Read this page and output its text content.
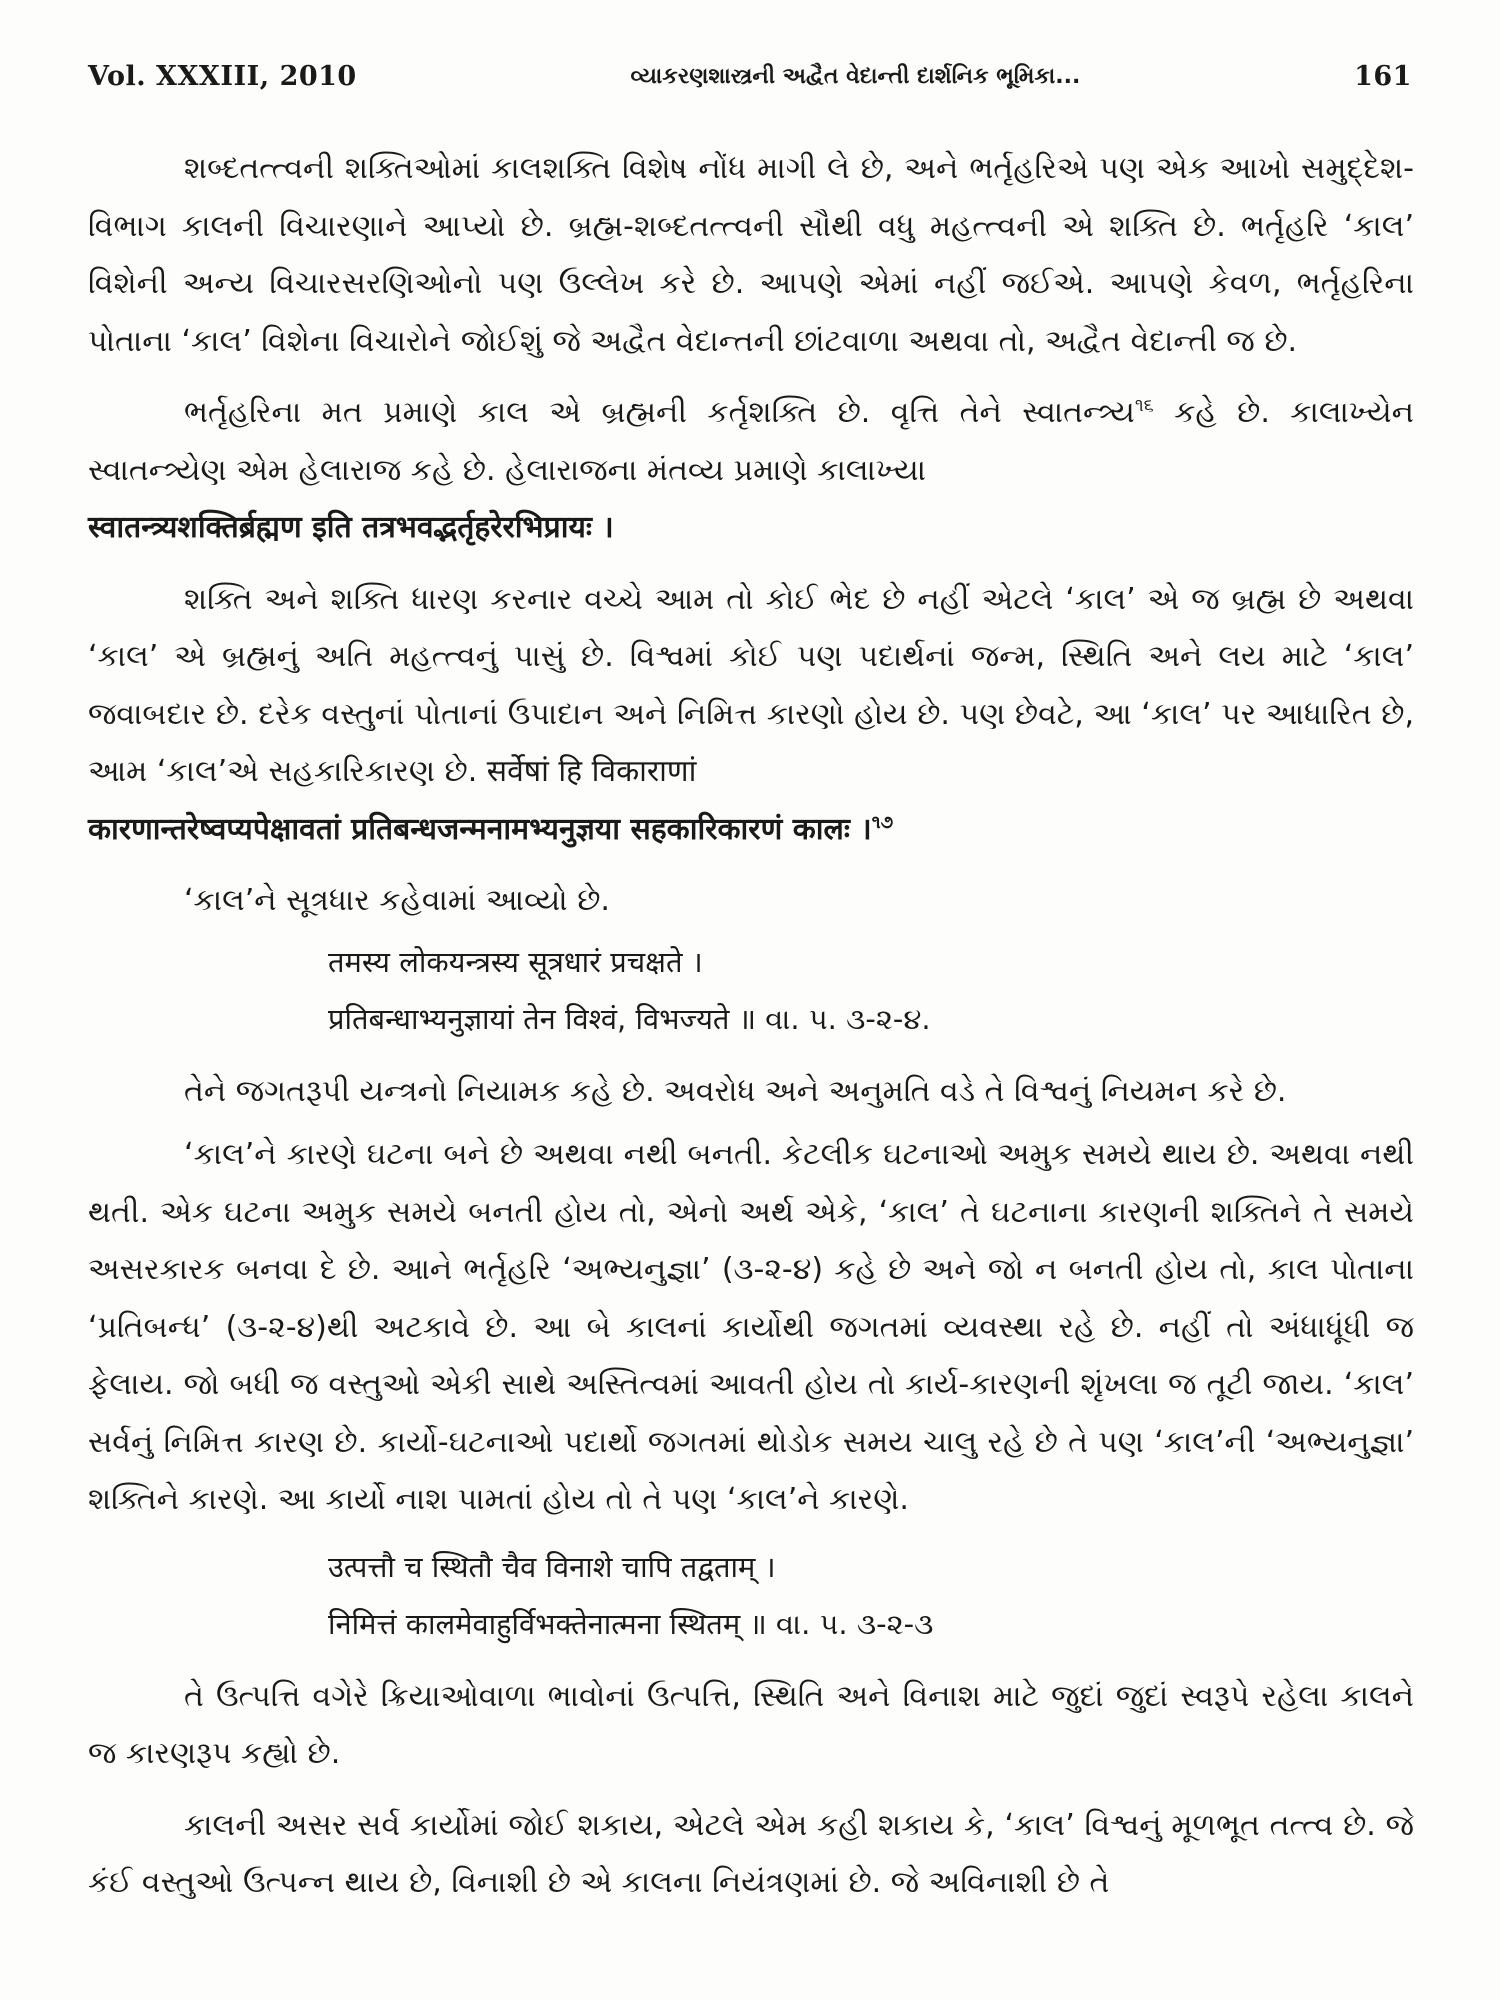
Vol. XXXIII, 2010	વ્યાકરણશાસ્ત્રની અદ્વૈત વેદાન્તી દાર્શનિક ભૂમિકા...	161

શબ્દતત્ત્વની શક્તિઓમાં કાલશક્તિ વિશેષ નોંધ માગી લે છે, અને ભર્તૃહરિએ પણ એક આખો સમુદ્દેશ-વિભાગ કાલની વિચારણાને આપ્યો છે. બ્રહ્મ-શબ્દતત્ત્વની સૌથી વધુ મહત્ત્વની એ શક્તિ છે. ભર્તૃહરિ ‘કાલ’ વિશેની અન્ય વિચારસરણિઓનો પણ ઉલ્લેખ કરે છે. આપણે એમાં નહીં જઈએ. આપણે કેવળ, ભર્તૃહરિના પોતાના ‘કાલ’ વિશેના વિચારોને જોઈશું જે અદ્વૈત વેદાન્તની છાંટવાળા અથવા તો, અદ્વૈત વેદાન્તી જ છે.

ભર્તૃહરિના મત પ્રમાણે કાલ એ બ્રહ્મની કર્તૃશક્તિ છે. વૃત્તિ તેને સ્વાતન્ત્ર્ય$^{૧૬}$ કહે છે. કાલાખ્યેન સ્વાતન્ત્ર્યેણ એમ હેલારાજ કહે છે. હેલારાજના મંતવ્ય પ્રમાણે કાલાખ્યા

स्वातन्त्र्यशक्तिर्ब्रह्मण इति तत्रभवद्भर्तृहरेरभिप्रायः ।

શક્તિ અને શક્તિ ધારણ કરનાર વચ્ચે આમ તો કોઈ ભેદ છે નહીં એટલે ‘કાલ’ એ જ બ્રહ્મ છે અથવા ‘કાલ’ એ બ્રહ્મનું અતિ મહત્ત્વનું પાસું છે. વિશ્વમાં કોઈ પણ પદાર્થનાં જન્મ, સ્થિતિ અને લય માટે ‘કાલ’ જવાબદાર છે. દરેક વસ્તુનાં પોતાનાં ઉપાદાન અને નિમિત્ત કારણો હોય છે. પણ છેવટે, આ ‘કાલ’ પર આધારિત છે, આમ ‘કાલ’એ સહકારિકારણ છે. सर्वेषां हि विकाराणां

कारणान्तरेष्वप्यपेक्षावतां प्रतिबन्धजन्मनामभ्यनुज्ञया सहकारिकारणं कालः ।$^{૧૭}$

‘કાલ’ને સૂત્રધાર કહેવામાં આવ્યો છે.

तमस्य लोकयन्त्रस्य सूत्रधारं प्रचक्षते ।

प्रतिबन्धाभ्यनुज्ञायां तेन विश्वं, विभज्यते ॥ વા. પ. ૩-૨-૪.

તેને જગતરૂપી યન્ત્રનો નિયામક કહે છે. અવરોધ અને અનુમતિ વડે તે વિશ્વનું નિયમન કરે છે.

‘કાલ’ને કારણે ઘટના બને છે અથવા નથી બનતી. કેટલીક ઘટનાઓ અમુક સમયે થાય છે. અથવા નથી થતી. એક ઘટના અમુક સમયે બનતી હોય તો, એનો અર્થ એકે, ‘કાલ’ તે ઘટનાના કારણની શક્તિને તે સમયે અસરકારક બનવા દે છે. આને ભર્તૃહરિ ‘અભ્યનુજ્ઞા’ (૩-૨-૪) કહે છે અને જો ન બનતી હોય તો, કાલ પોતાના ‘પ્રતિબન્ધ’ (૩-૨-૪)થી અટકાવે છે. આ બે કાલનાં કાર્યોથી જગતમાં વ્યવસ્થા રહે છે. નહીં તો અંધાધૂંધી જ ફેલાય. જો બધી જ વસ્તુઓ એકી સાથે અસ્તિત્વમાં આવતી હોય તો કાર્ય-કારણની શૃંખલા જ તૂટી જાય. ‘કાલ’ સર્વનું નિમિત્ત કારણ છે. કાર્યો-ઘટનાઓ પદાર્થો જગતમાં થોડોક સમય ચાલુ રહે છે તે પણ ‘કાલ’ની ‘અભ્યનુજ્ઞા’ શક્તિને કારણે. આ કાર્યો નાશ પામતાં હોય તો તે પણ ‘કાલ’ને કારણે.

उत्पत्तौ च स्थितौ चैव विनाशे चापि तद्वताम् ।

निमित्तं कालमेवाहुर्विभक्तेनात्मना स्थितम् ॥ વા. પ. ૩-૨-૩

તે ઉત્પત્તિ વગેરે ક્રિયાઓવાળા ભાવોનાં ઉત્પત્તિ, સ્થિતિ અને વિનાશ માટે જુદાં જુદાં સ્વરૂપે રહેલા કાલને જ કારણરૂપ કહ્યો છે.

કાલની અસર સર્વ કાર્યોમાં જોઈ શકાય, એટલે એમ કહી શકાય કે, ‘કાલ’ વિશ્વનું મૂળભૂત તત્ત્વ છે. જે કંઈ વસ્તુઓ ઉત્પન્ન થાય છે, વિનાશી છે એ કાલના નિયંત્રણમાં છે. જે અવિનાશી છે તે
